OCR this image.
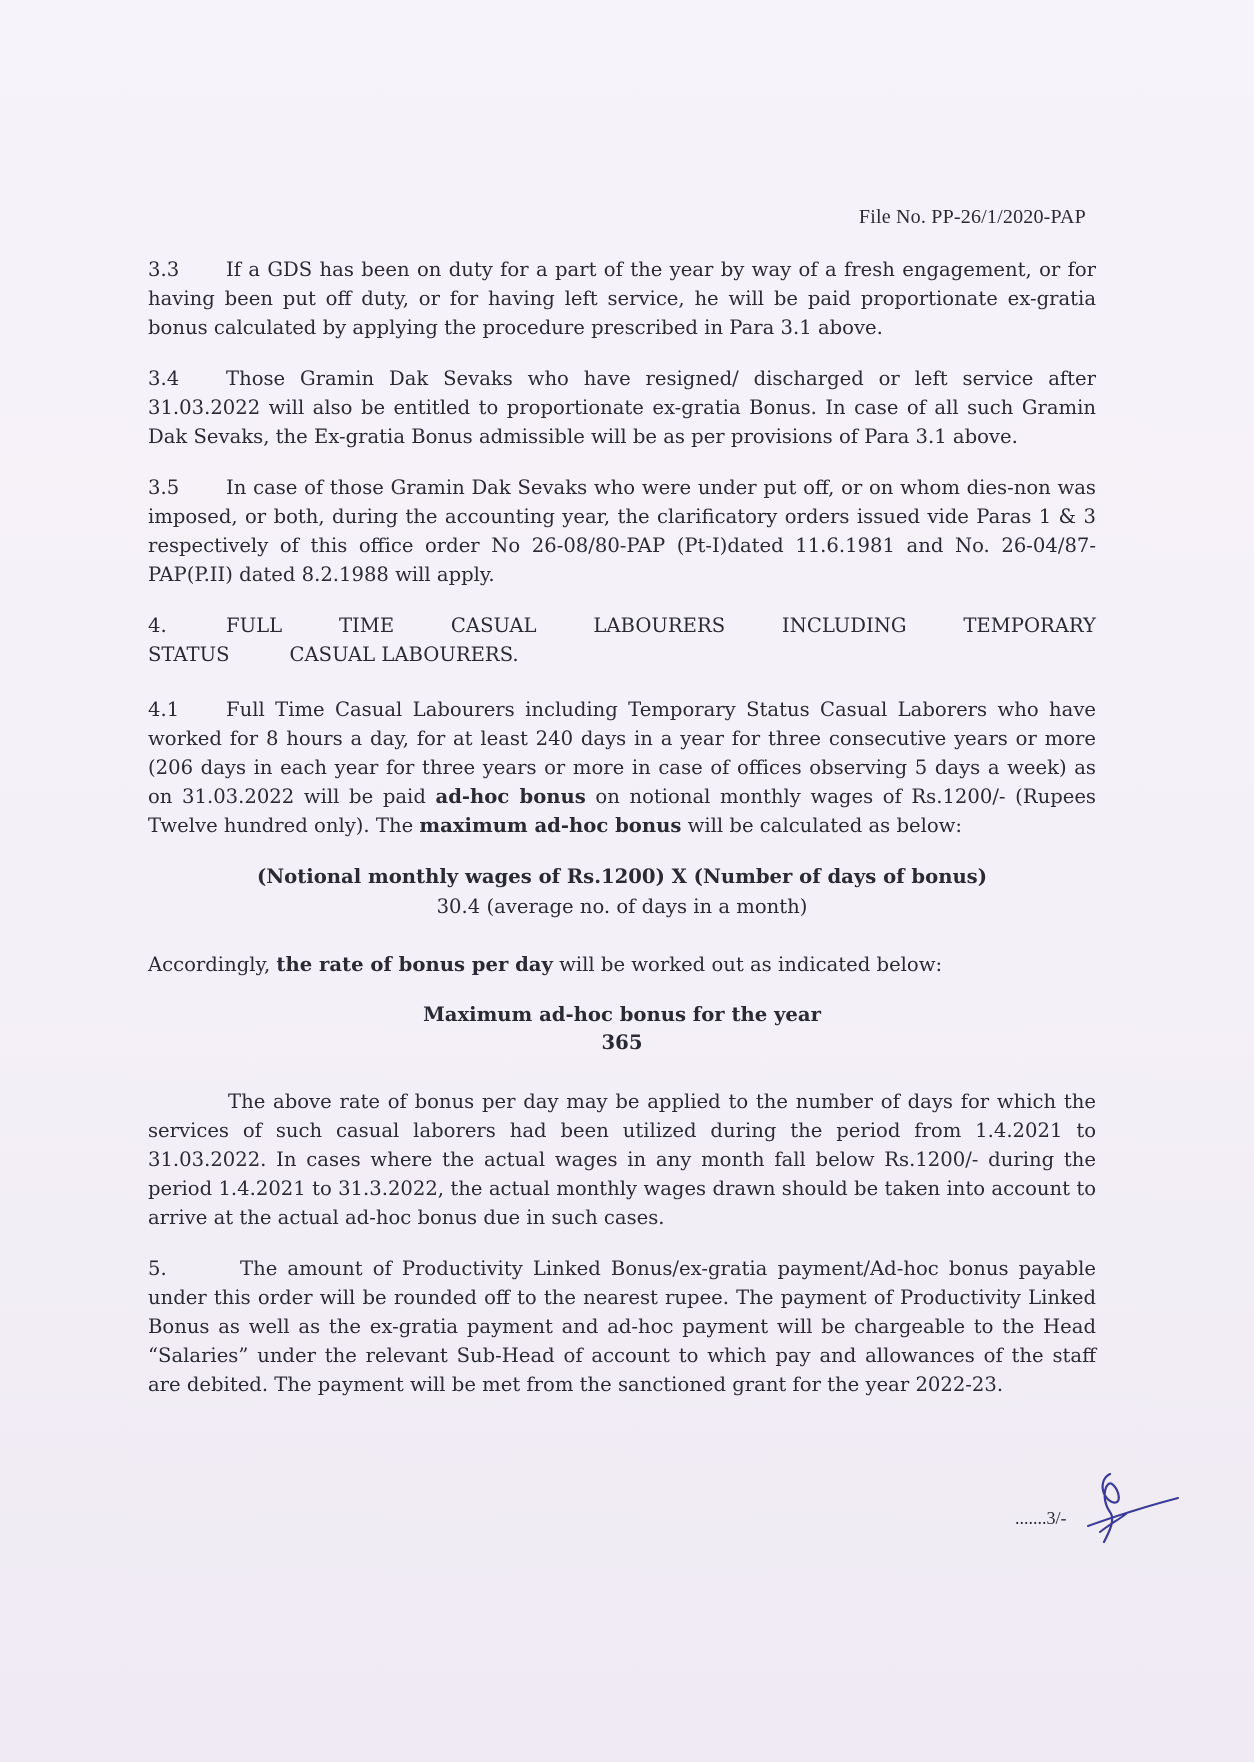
File No. PP-26/1/2020-PAP

3.3 If a GDS has been on duty for a part of the year by way of a fresh engagement, or for having been put off duty, or for having left service, he will be paid proportionate ex-gratia bonus calculated by applying the procedure prescribed in Para 3.1 above.

3.4 Those Gramin Dak Sevaks who have resigned/ discharged or left service after 31.03.2022 will also be entitled to proportionate ex-gratia Bonus. In case of all such Gramin Dak Sevaks, the Ex-gratia Bonus admissible will be as per provisions of Para 3.1 above.

3.5 In case of those Gramin Dak Sevaks who were under put off, or on whom dies-non was imposed, or both, during the accounting year, the clarificatory orders issued vide Paras 1 & 3 respectively of this office order No 26-08/80-PAP (Pt-I)dated 11.6.1981 and No. 26-04/87-PAP(P.II) dated 8.2.1988 will apply.

4.	FULL TIME CASUAL LABOURERS INCLUDING TEMPORARY
STATUS	CASUAL LABOURERS.

4.1 Full Time Casual Labourers including Temporary Status Casual Laborers who have worked for 8 hours a day, for at least 240 days in a year for three consecutive years or more (206 days in each year for three years or more in case of offices observing 5 days a week) as on 31.03.2022 will be paid ad-hoc bonus on notional monthly wages of Rs.1200/- (Rupees Twelve hundred only). The maximum ad-hoc bonus will be calculated as below:

(Notional monthly wages of Rs.1200) X (Number of days of bonus)
30.4 (average no. of days in a month)

Accordingly, the rate of bonus per day will be worked out as indicated below:

Maximum ad-hoc bonus for the year
365

The above rate of bonus per day may be applied to the number of days for which the services of such casual laborers had been utilized during the period from 1.4.2021 to 31.03.2022. In cases where the actual wages in any month fall below Rs.1200/- during the period 1.4.2021 to 31.3.2022, the actual monthly wages drawn should be taken into account to arrive at the actual ad-hoc bonus due in such cases.

5.	The amount of Productivity Linked Bonus/ex-gratia payment/Ad-hoc bonus payable under this order will be rounded off to the nearest rupee. The payment of Productivity Linked Bonus as well as the ex-gratia payment and ad-hoc payment will be chargeable to the Head “Salaries” under the relevant Sub-Head of account to which pay and allowances of the staff are debited. The payment will be met from the sanctioned grant for the year 2022-23.

.......3/-
